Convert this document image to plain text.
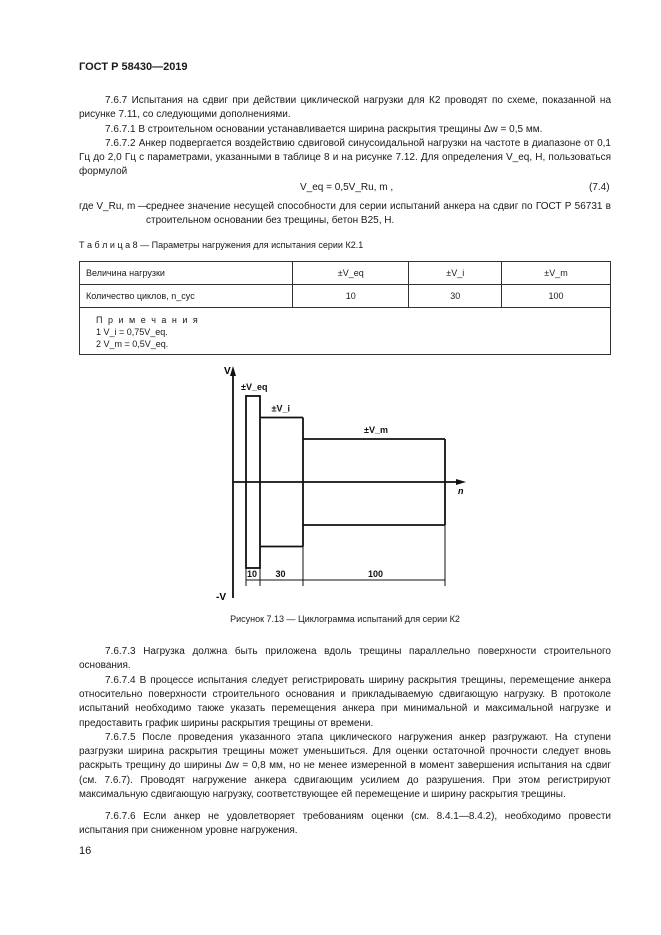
ГОСТ Р 58430—2019
7.6.7 Испытания на сдвиг при действии циклической нагрузки для К2 проводят по схеме, показанной на рисунке 7.11, со следующими дополнениями.
7.6.7.1 В строительном основании устанавливается ширина раскрытия трещины Δw = 0,5 мм.
7.6.7.2 Анкер подвергается воздействию сдвиговой синусоидальной нагрузки на частоте в диапазоне от 0,1 Гц до 2,0 Гц с параметрами, указанными в таблице 8 и на рисунке 7.12. Для определения V_eq, Н, пользоваться формулой
V_eq = 0,5V_Ru, m ,	(7.4)
где V_Ru, m —
среднее значение несущей способности для серии испытаний анкера на сдвиг по ГОСТ Р 56731 в строительном основании без трещины, бетон В25, Н.
Т а б л и ц а 8 — Параметры нагружения для испытания серии К2.1
Величина нагрузки	±V_eq	±V_i	±V_m
Количество циклов, n_cyc	10	30	100

П р и м е ч а н и я
1 V_i = 0,75V_eq.
2 V_m = 0,5V_eq.			
V
-V
n
±V_eq
10
±V_i
30
±V_m
100
Рисунок 7.13 — Циклограмма испытаний для серии К2
7.6.7.3 Нагрузка должна быть приложена вдоль трещины параллельно поверхности строительного основания.
7.6.7.4 В процессе испытания следует регистрировать ширину раскрытия трещины, перемещение анкера относительно поверхности строительного основания и прикладываемую сдвигающую нагрузку. В протоколе испытаний необходимо также указать перемещения анкера при минимальной и максимальной нагрузке и предоставить график ширины раскрытия трещины от времени.
7.6.7.5 После проведения указанного этапа циклического нагружения анкер разгружают. На ступени разгрузки ширина раскрытия трещины может уменьшиться. Для оценки остаточной прочности следует вновь раскрыть трещину до ширины Δw = 0,8 мм, но не менее измеренной в момент завершения испытания на сдвиг (см. 7.6.7). Проводят нагружение анкера сдвигающим усилием до разрушения. При этом регистрируют максимальную сдвигающую нагрузку, соответствующее ей перемещение и ширину раскрытия трещины.
7.6.7.6 Если анкер не удовлетворяет требованиям оценки (см. 8.4.1—8.4.2), необходимо провести испытания при сниженном уровне нагружения.
16
